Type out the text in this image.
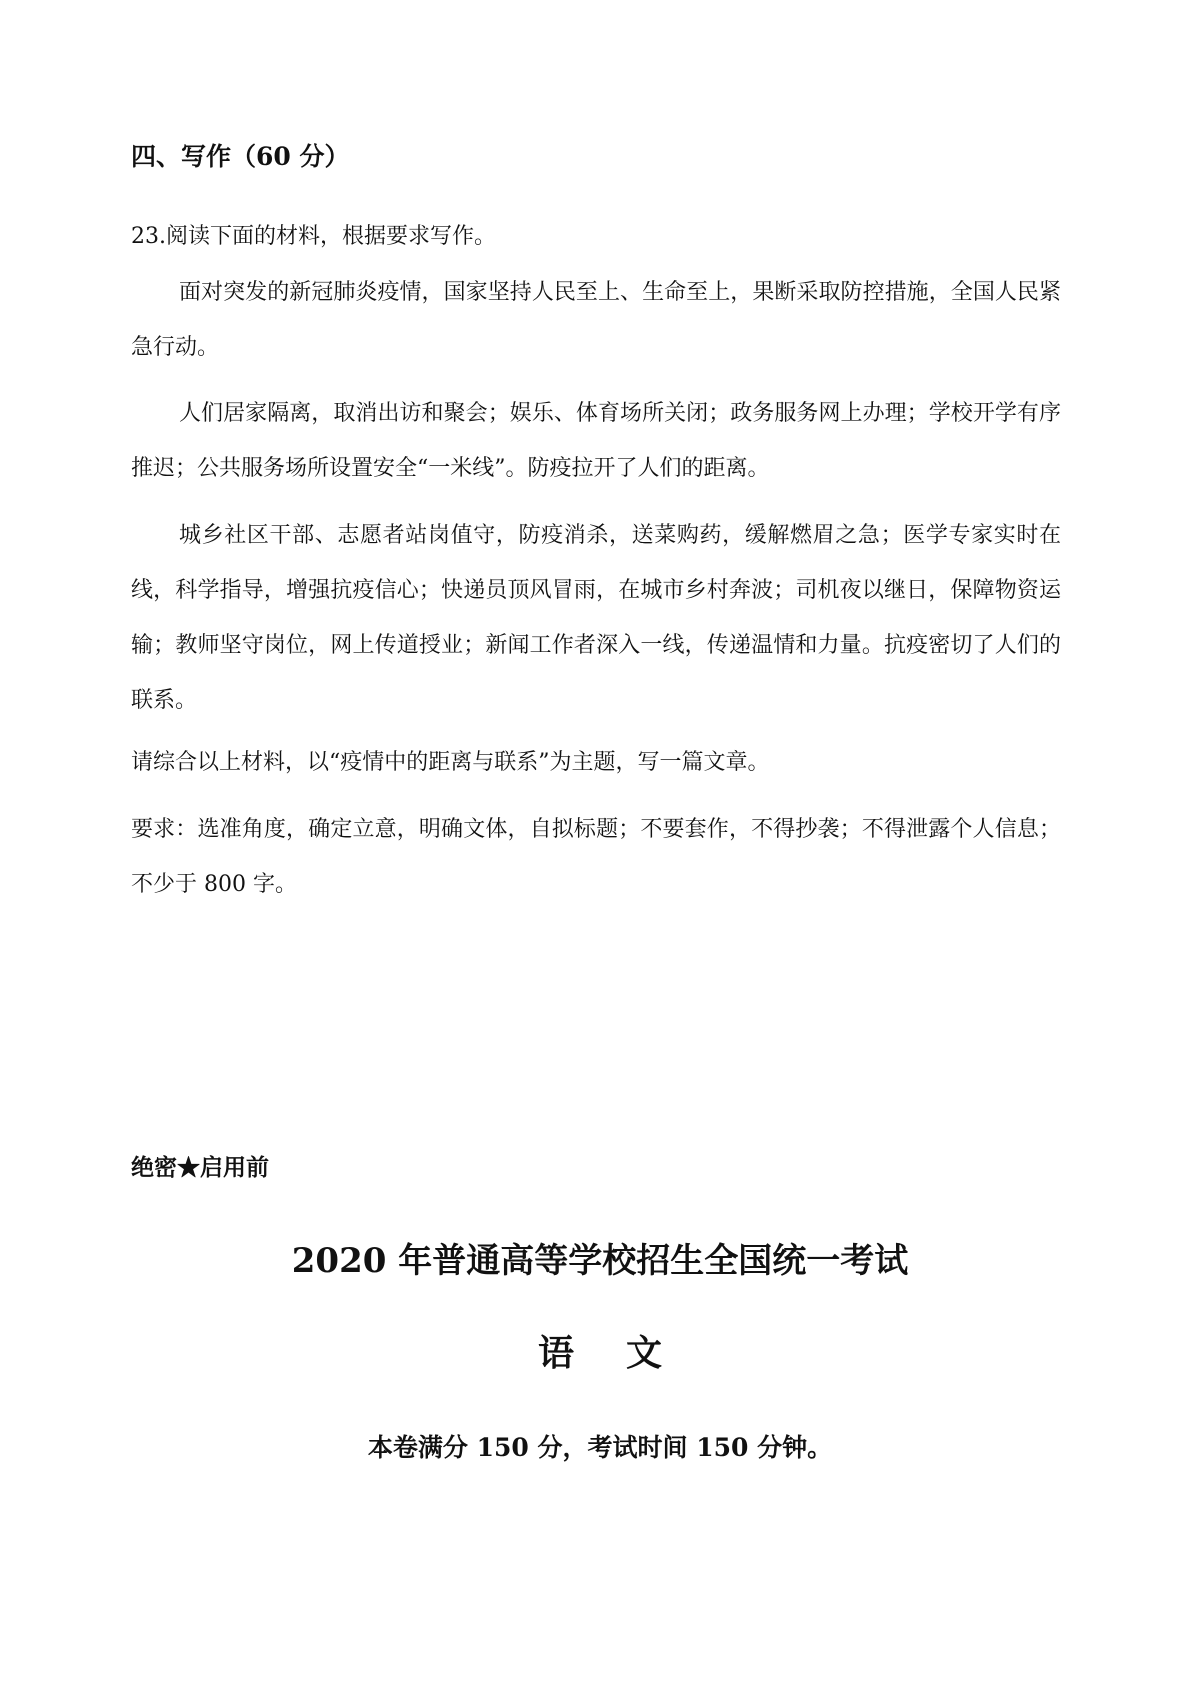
四、写作（60 分）
23.阅读下面的材料，根据要求写作。
面对突发的新冠肺炎疫情，国家坚持人民至上、生命至上，果断采取防控措施，全国人民紧急行动。
人们居家隔离，取消出访和聚会；娱乐、体育场所关闭；政务服务网上办理；学校开学有序推迟；公共服务场所设置安全“一米线”。防疫拉开了人们的距离。
城乡社区干部、志愿者站岗值守，防疫消杀，送菜购药，缓解燃眉之急；医学专家实时在线，科学指导，增强抗疫信心；快递员顶风冒雨，在城市乡村奔波；司机夜以继日，保障物资运输；教师坚守岗位，网上传道授业；新闻工作者深入一线，传递温情和力量。抗疫密切了人们的联系。
请综合以上材料，以“疫情中的距离与联系”为主题，写一篇文章。
要求：选准角度，确定立意，明确文体，自拟标题；不要套作，不得抄袭；不得泄露个人信息；不少于 800 字。
绝密★启用前
2020 年普通高等学校招生全国统一考试
语 文
本卷满分 150 分，考试时间 150 分钟。
